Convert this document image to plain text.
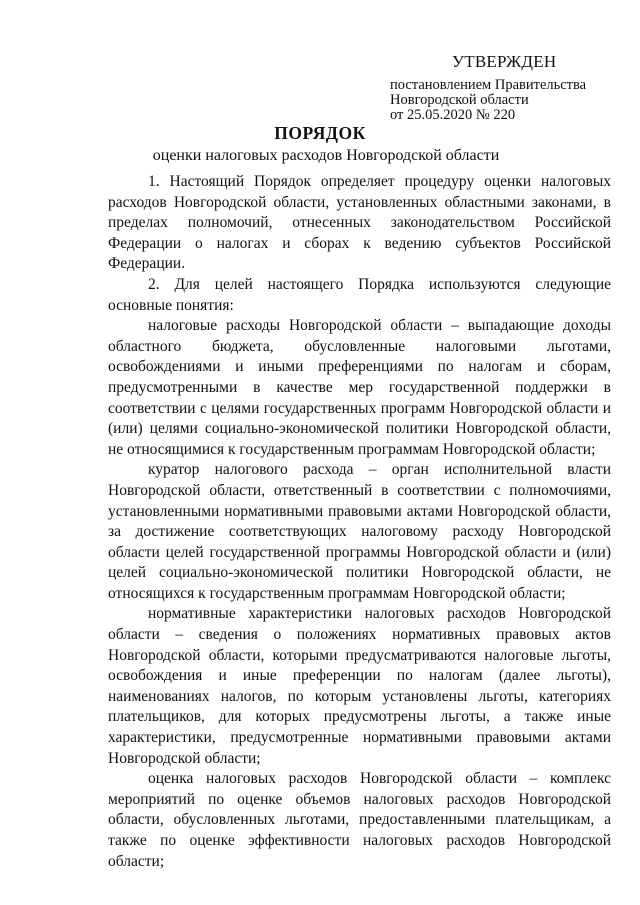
УТВЕРЖДЕН
постановлением Правительства
Новгородской области
от 25.05.2020 № 220
ПОРЯДОК
оценки налоговых расходов Новгородской области

1. Настоящий Порядок определяет процедуру оценки налоговых расходов Новгородской области, установленных областными законами, в пределах полномочий, отнесенных законодательством Российской Федерации о налогах и сборах к ведению субъектов Российской Федерации.

2. Для целей настоящего Порядка используются следующие основные понятия:

налоговые расходы Новгородской области – выпадающие доходы областного бюджета, обусловленные налоговыми льготами, освобождениями и иными преференциями по налогам и сборам, предусмотренными в качестве мер государственной поддержки в соответствии с целями государственных программ Новгородской области и (или) целями социально-экономической политики Новгородской области, не относящимися к государственным программам Новгородской области;

куратор налогового расхода – орган исполнительной власти Новгородской области, ответственный в соответствии с полномочиями, установленными нормативными правовыми актами Новгородской области, за достижение соответствующих налоговому расходу Новгородской области целей государственной программы Новгородской области и (или) целей социально-экономической политики Новгородской области, не относящихся к государственным программам Новгородской области;

нормативные характеристики налоговых расходов Новгородской области – сведения о положениях нормативных правовых актов Новгородской области, которыми предусматриваются налоговые льготы, освобождения и иные преференции по налогам (далее льготы), наименованиях налогов, по которым установлены льготы, категориях плательщиков, для которых предусмотрены льготы, а также иные характеристики, предусмотренные нормативными правовыми актами Новгородской области;

оценка налоговых расходов Новгородской области – комплекс мероприятий по оценке объемов налоговых расходов Новгородской области, обусловленных льготами, предоставленными плательщикам, а также по оценке эффективности налоговых расходов Новгородской области;
